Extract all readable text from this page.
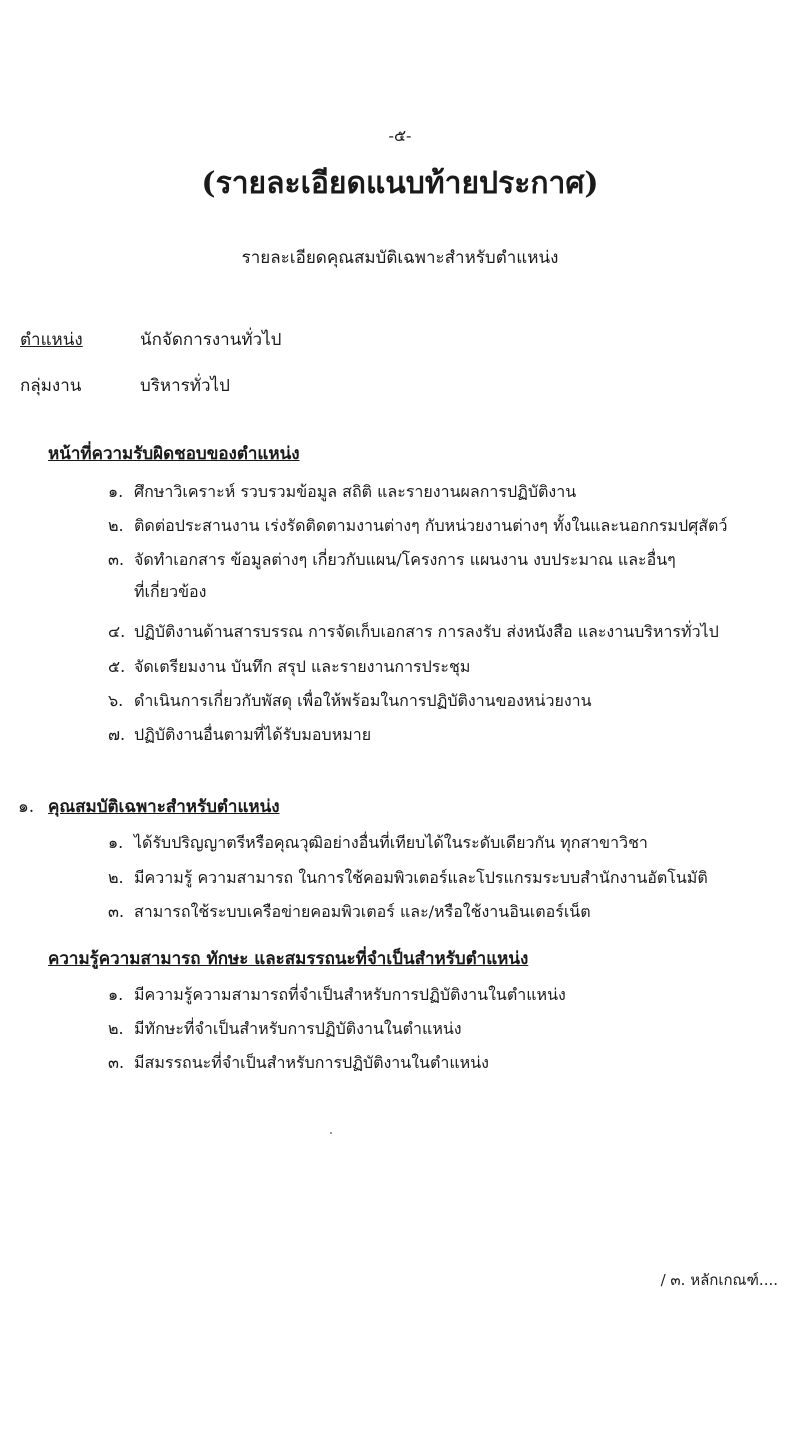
-๕-
(รายละเอียดแนบท้ายประกาศ)
รายละเอียดคุณสมบัติเฉพาะสำหรับตำแหน่ง
ตำแหน่ง	นักจัดการงานทั่วไป
กลุ่มงาน	บริหารทั่วไป
หน้าที่ความรับผิดชอบของตำแหน่ง
๑. ศึกษาวิเคราะห์ รวบรวมข้อมูล สถิติ และรายงานผลการปฏิบัติงาน
๒. ติดต่อประสานงาน เร่งรัดติดตามงานต่างๆ กับหน่วยงานต่างๆ ทั้งในและนอกกรมปศุสัตว์
๓. จัดทำเอกสาร ข้อมูลต่างๆ เกี่ยวกับแผน/โครงการ แผนงาน งบประมาณ และอื่นๆ
ที่เกี่ยวข้อง
๔. ปฏิบัติงานด้านสารบรรณ การจัดเก็บเอกสาร การลงรับ ส่งหนังสือ และงานบริหารทั่วไป
๕. จัดเตรียมงาน บันทึก สรุป และรายงานการประชุม
๖. ดำเนินการเกี่ยวกับพัสดุ เพื่อให้พร้อมในการปฏิบัติงานของหน่วยงาน
๗. ปฏิบัติงานอื่นตามที่ได้รับมอบหมาย
๑. คุณสมบัติเฉพาะสำหรับตำแหน่ง
๑. ได้รับปริญญาตรีหรือคุณวุฒิอย่างอื่นที่เทียบได้ในระดับเดียวกัน ทุกสาขาวิชา
๒. มีความรู้ ความสามารถ ในการใช้คอมพิวเตอร์และโปรแกรมระบบสำนักงานอัตโนมัติ
๓. สามารถใช้ระบบเครือข่ายคอมพิวเตอร์ และ/หรือใช้งานอินเตอร์เน็ต
ความรู้ความสามารถ ทักษะ และสมรรถนะที่จำเป็นสำหรับตำแหน่ง
๑. มีความรู้ความสามารถที่จำเป็นสำหรับการปฏิบัติงานในตำแหน่ง
๒. มีทักษะที่จำเป็นสำหรับการปฏิบัติงานในตำแหน่ง
๓. มีสมรรถนะที่จำเป็นสำหรับการปฏิบัติงานในตำแหน่ง
/ ๓. หลักเกณฑ์....
